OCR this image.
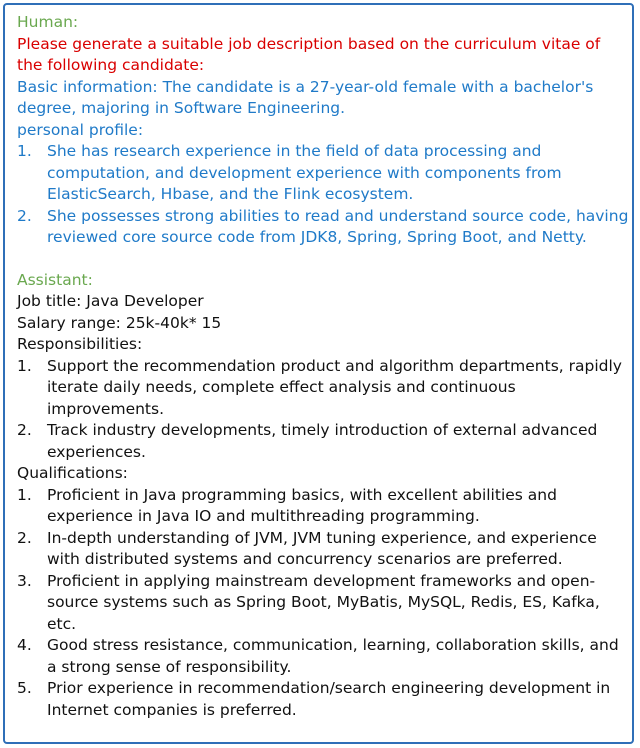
Human:
Please generate a suitable job description based on the curriculum vitae of the following candidate:
Basic information: The candidate is a 27-year-old female with a bachelor's degree, majoring in Software Engineering.
personal profile:
1. She has research experience in the field of data processing and computation, and development experience with components from ElasticSearch, Hbase, and the Flink ecosystem.
2. She possesses strong abilities to read and understand source code, having reviewed core source code from JDK8, Spring, Spring Boot, and Netty.
Assistant:
Job title: Java Developer
Salary range: 25k-40k* 15
Responsibilities:
1. Support the recommendation product and algorithm departments, rapidly iterate daily needs, complete effect analysis and continuous improvements.
2. Track industry developments, timely introduction of external advanced experiences.
Qualifications:
1. Proficient in Java programming basics, with excellent abilities and experience in Java IO and multithreading programming.
2. In-depth understanding of JVM, JVM tuning experience, and experience with distributed systems and concurrency scenarios are preferred.
3. Proficient in applying mainstream development frameworks and open-source systems such as Spring Boot, MyBatis, MySQL, Redis, ES, Kafka, etc.
4. Good stress resistance, communication, learning, collaboration skills, and a strong sense of responsibility.
5. Prior experience in recommendation/search engineering development in Internet companies is preferred.
